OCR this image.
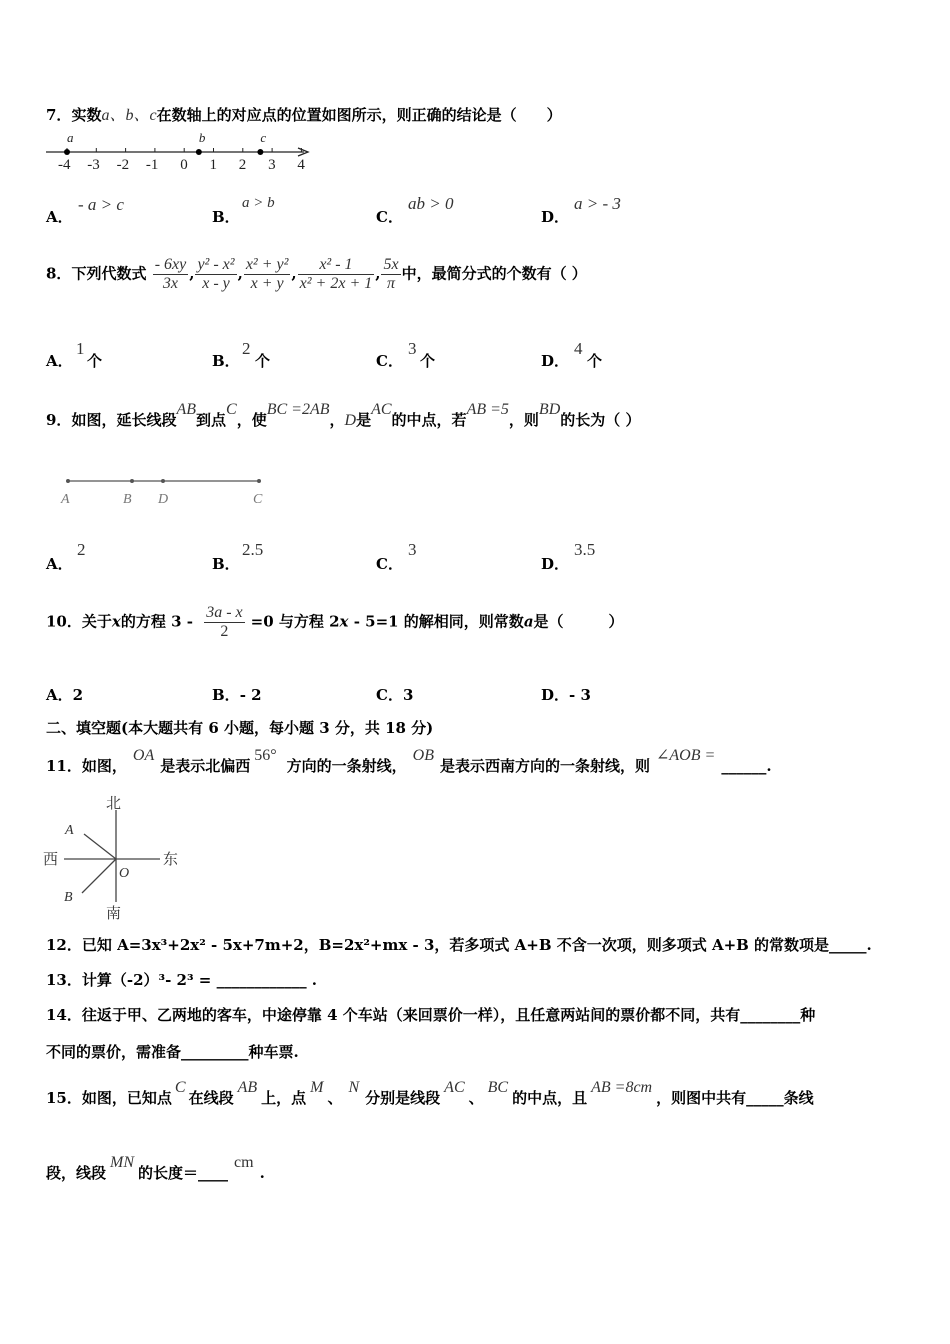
7．实数a、b、c在数轴上的对应点的位置如图所示，则正确的结论是（　　）
-4 -3 -2 -1 0 1 2 3 4
a	b	c
A．
- a > c
B．
a > b
C．
ab > 0
D．
a > - 3
8．下列代数式 $\frac{- 6xy}{3x}$ , $\frac{\text{y² - x²}}{x - y}$ , $\frac{\text{x² + y²}}{x + y}$ , $\frac{\text{x² - 1}}{\text{x² + 2x + 1}}$ , $\frac{5x}{\pi}$ 中，最简分式的个数有（ ）
A．
1
个	B．
2
个	C．
3
个	D．
4
个
9．如图，延长线段AB到点C，使BC =2AB，D是AC的中点，若AB =5，则BD的长为（ ）
A	B D	C
A．
2
B．
2.5
C．
3
D．
3.5
10．关于x的方程 $3 - \frac{3a - x}{2} =0$ 与方程 2x - 5=1 的解相同，则常数a是（　　　）
A．2	B．- 2	C．3	D．- 3
二、填空题(本大题共有 6 小题，每小题 3 分，共 18 分)
11．如图，OA是表示北偏西56°方向的一条射线，OB是表示西南方向的一条射线，则∠AOB =______.
北
南
西	东
A
B
O
12．已知 A=3x³+2x² - 5x+7m+2，B=2x²+mx - 3，若多项式 A+B 不含一次项，则多项式 A+B 的常数项是_____.
13．计算（-2）³- 2³ = ____________ .
14．往返于甲、乙两地的客车，中途停靠 4 个车站（来回票价一样），且任意两站间的票价都不同，共有________种
不同的票价，需准备_________种车票.
15．如图，已知点C在线段AB上，点M、N分别是线段AC、BC的中点，且AB =8cm，则图中共有_____条线
段，线段MN的长度＝____cm.
